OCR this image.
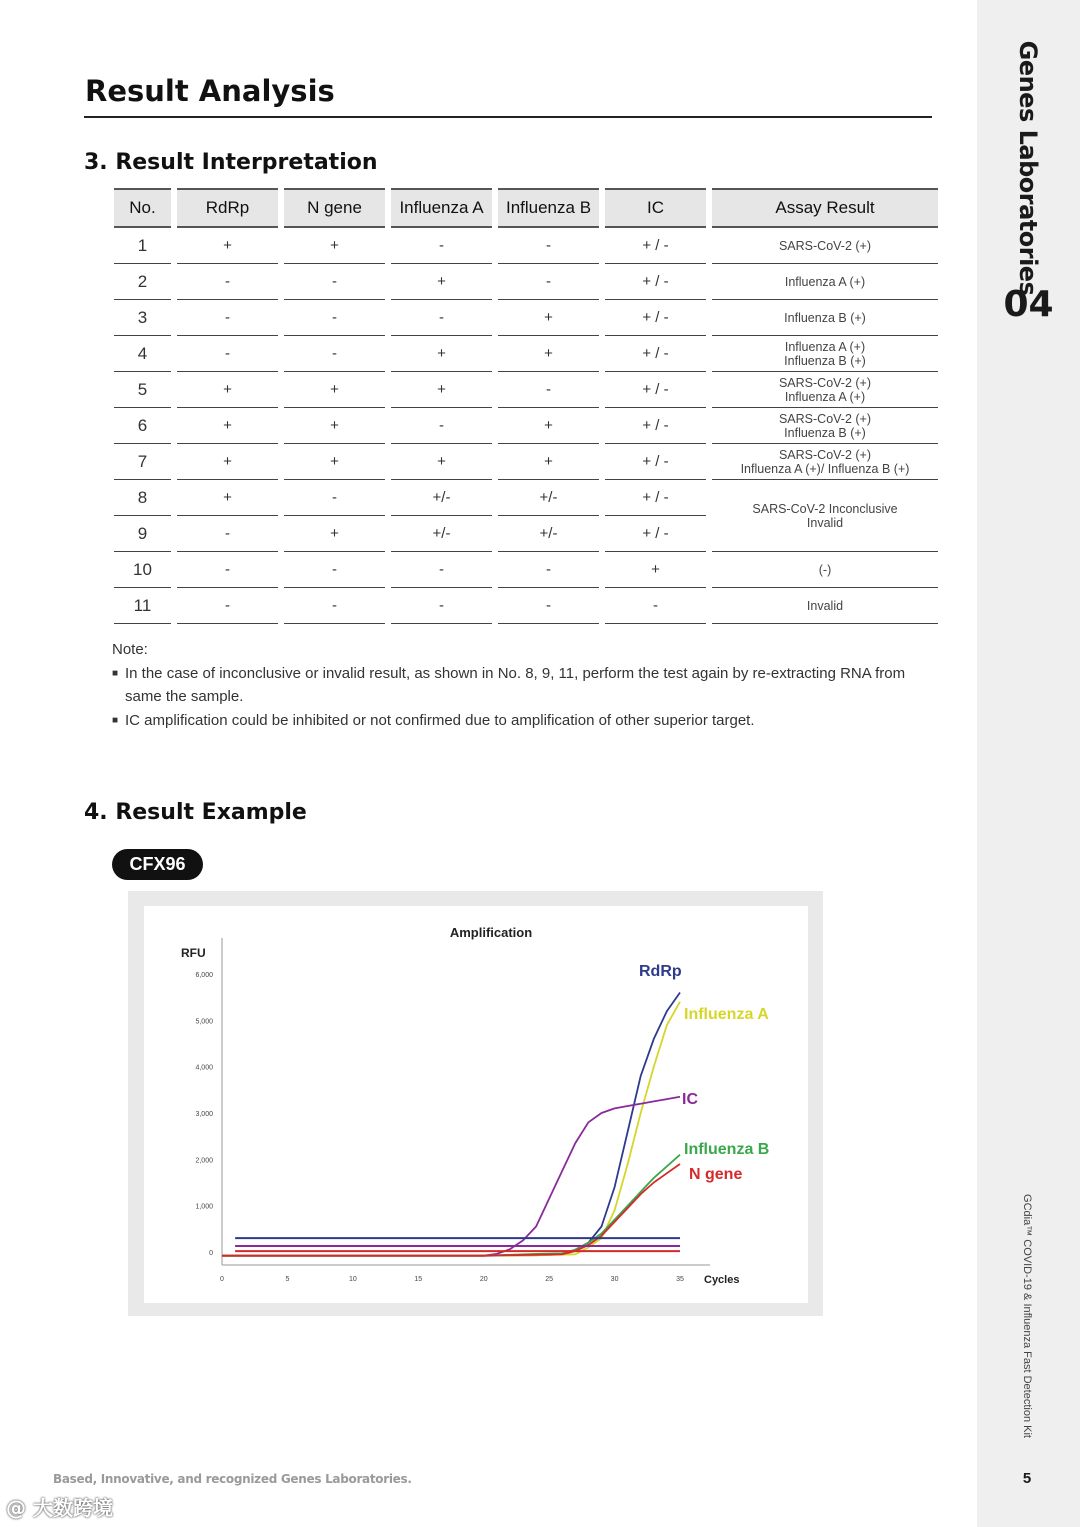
Genes Laboratories
04
GCdia™ COVID-19 & Influenza Fast Detection Kit
5
Result Analysis
3. Result Interpretation
No.	RdRp	N gene	Influenza A	Influenza B	IC	Assay Result
1	+	+	-	-	+ / -	SARS-CoV-2 (+)

2	-	-	+	-	+ / -	Influenza A (+)

3	-	-	-	+	+ / -	Influenza B (+)

4	-	-	+	+	+ / -	Influenza A (+)
Influenza B (+)

5	+	+	+	-	+ / -	SARS-CoV-2 (+)
Influenza A (+)

6	+	+	-	+	+ / -	SARS-CoV-2 (+)
Influenza B (+)

7	+	+	+	+	+ / -	SARS-CoV-2 (+)
Influenza A (+)/ Influenza B (+)

8	+	-	+/-	+/-	+ / -	SARS-CoV-2 Inconclusive
Invalid

9	-	+	+/-	+/-	+ / -	
10	-	-	-	-	+	(-)

11	-	-	-	-	-	Invalid

Note:

■ In the case of inconclusive or invalid result, as shown in No. 8, 9, 11, perform the test again by re-extracting RNA from same the sample.

■ IC amplification could be inhibited or not confirmed due to amplification of other superior target.

4. Result Example
CFX96
Amplification
RFU
Cycles
0
1,000
2,000
3,000
4,000
5,000
6,000
0	5	10	15	20	25	30	35
RdRp
Influenza A
IC
Influenza B
N gene
Based, Innovative, and recognized Genes Laboratories.
@ 大数跨境
